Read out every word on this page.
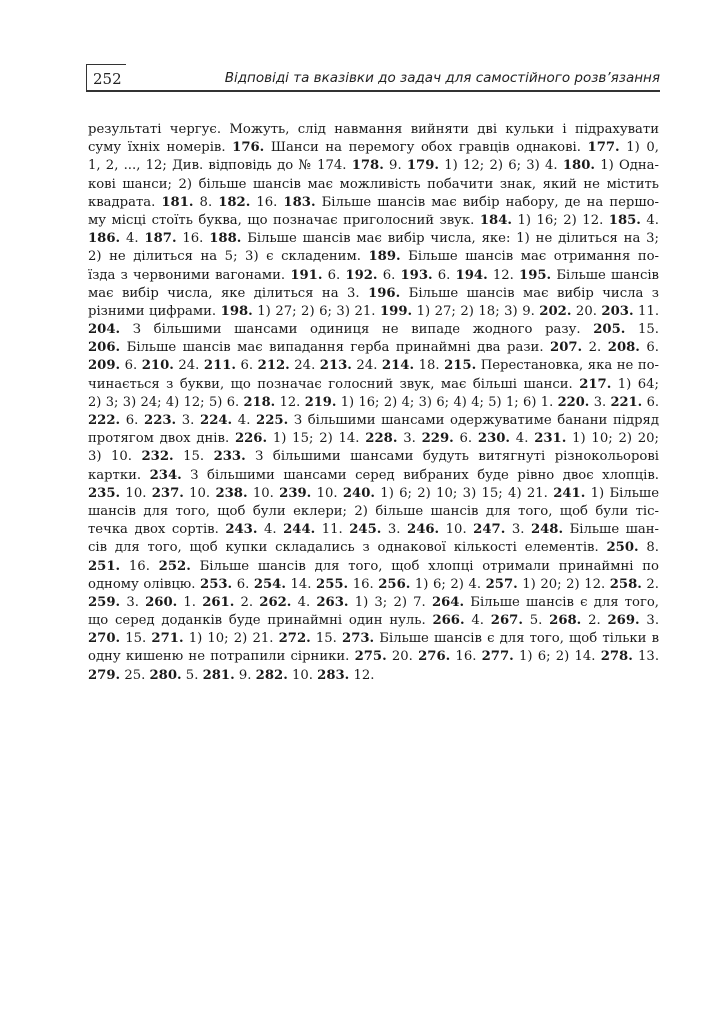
252	Відповіді та вказівки до задач для самостійного розв’язання
результаті чергує. Можуть, слід навмання вийняти дві кульки і підрахувати
суму їхніх номерів. 176. Шанси на перемогу обох гравців однакові. 177. 1) 0,
1, 2, ..., 12; Див. відповідь до № 174. 178. 9. 179. 1) 12; 2) 6; 3) 4. 180. 1) Одна-
кові шанси; 2) більше шансів має можливість побачити знак, який не містить
квадрата. 181. 8. 182. 16. 183. Більше шансів має вибір набору, де на першо-
му місці стоїть буква, що позначає приголосний звук. 184. 1) 16; 2) 12. 185. 4.
186. 4. 187. 16. 188. Більше шансів має вибір числа, яке: 1) не ділиться на 3;
2) не ділиться на 5; 3) є складеним. 189. Більше шансів має отримання по-
їзда з червоними вагонами. 191. 6. 192. 6. 193. 6. 194. 12. 195. Більше шансів
має вибір числа, яке ділиться на 3. 196. Більше шансів має вибір числа з
різними цифрами. 198. 1) 27; 2) 6; 3) 21. 199. 1) 27; 2) 18; 3) 9. 202. 20. 203. 11.
204. З більшими шансами одиниця не випаде жодного разу. 205. 15.
206. Більше шансів має випадання герба принаймні два рази. 207. 2. 208. 6.
209. 6. 210. 24. 211. 6. 212. 24. 213. 24. 214. 18. 215. Перестановка, яка не по-
чинається з букви, що позначає голосний звук, має більші шанси. 217. 1) 64;
2) 3; 3) 24; 4) 12; 5) 6. 218. 12. 219. 1) 16; 2) 4; 3) 6; 4) 4; 5) 1; 6) 1. 220. 3. 221. 6.
222. 6. 223. 3. 224. 4. 225. З більшими шансами одержуватиме банани підряд
протягом двох днів. 226. 1) 15; 2) 14. 228. 3. 229. 6. 230. 4. 231. 1) 10; 2) 20;
3) 10. 232. 15. 233. З більшими шансами будуть витягнуті різнокольорові
картки. 234. З більшими шансами серед вибраних буде рівно двоє хлопців.
235. 10. 237. 10. 238. 10. 239. 10. 240. 1) 6; 2) 10; 3) 15; 4) 21. 241. 1) Більше
шансів для того, щоб були еклери; 2) більше шансів для того, щоб були тіс-
течка двох сортів. 243. 4. 244. 11. 245. 3. 246. 10. 247. 3. 248. Більше шан-
сів для того, щоб купки складались з однакової кількості елементів. 250. 8.
251. 16. 252. Більше шансів для того, щоб хлопці отримали принаймні по
одному олівцю. 253. 6. 254. 14. 255. 16. 256. 1) 6; 2) 4. 257. 1) 20; 2) 12. 258. 2.
259. 3. 260. 1. 261. 2. 262. 4. 263. 1) 3; 2) 7. 264. Більше шансів є для того,
що серед доданків буде принаймні один нуль. 266. 4. 267. 5. 268. 2. 269. 3.
270. 15. 271. 1) 10; 2) 21. 272. 15. 273. Більше шансів є для того, щоб тільки в
одну кишеню не потрапили сірники. 275. 20. 276. 16. 277. 1) 6; 2) 14. 278. 13.
279. 25. 280. 5. 281. 9. 282. 10. 283. 12.
